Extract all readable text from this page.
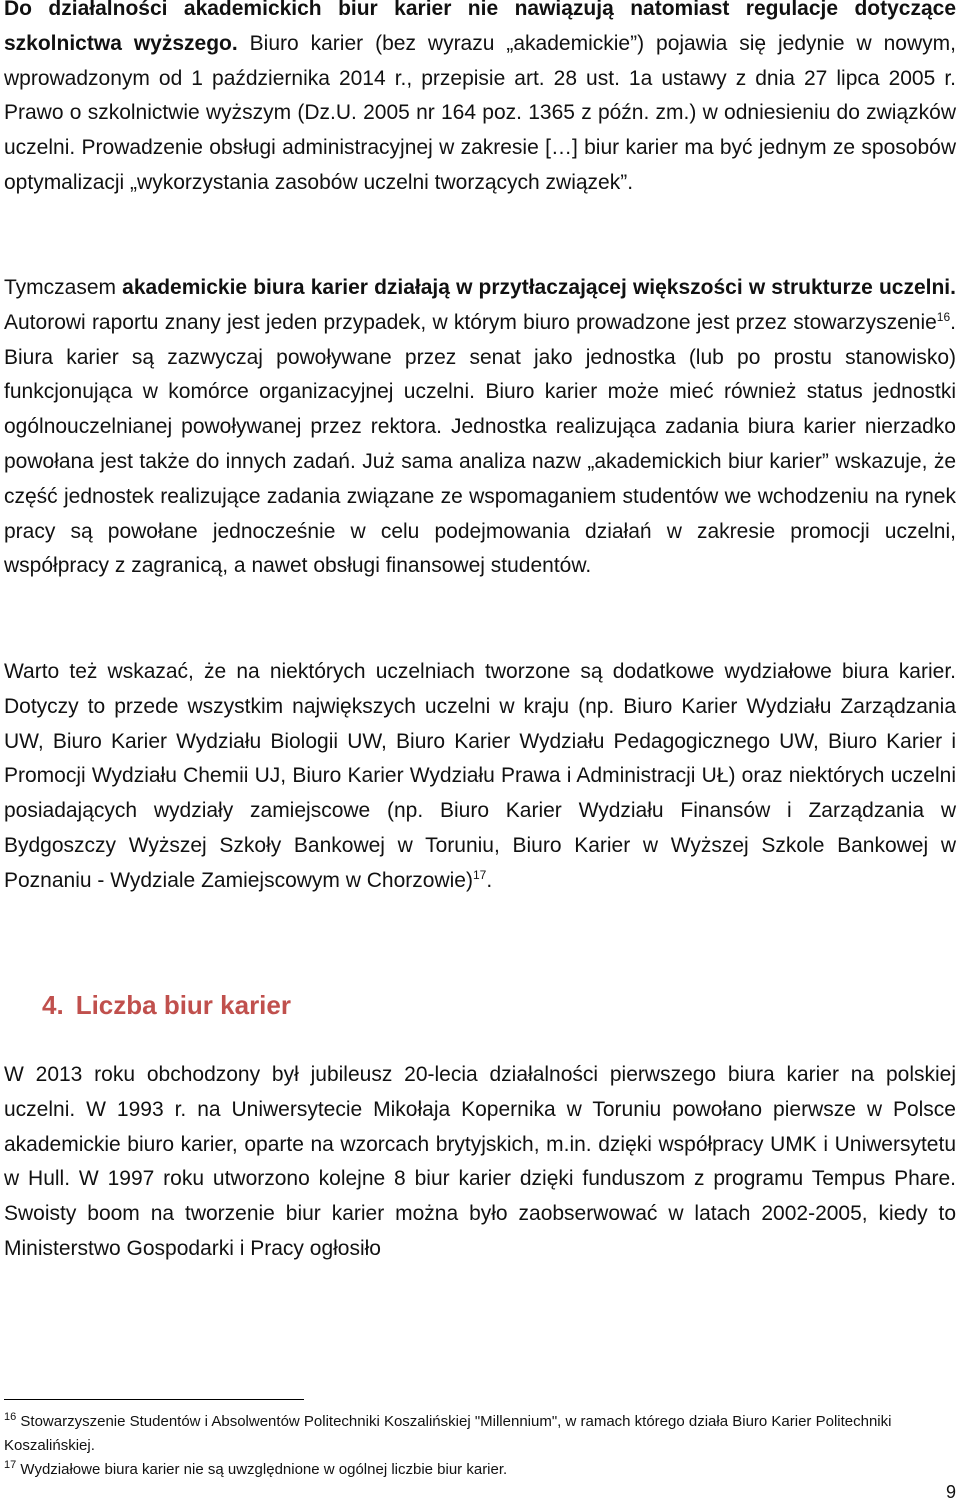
Do działalności akademickich biur karier nie nawiązują natomiast regulacje dotyczące szkolnictwa wyższego. Biuro karier (bez wyrazu „akademickie”) pojawia się jedynie w nowym, wprowadzonym od 1 października 2014 r., przepisie art. 28 ust. 1a ustawy z dnia 27 lipca 2005 r. Prawo o szkolnictwie wyższym (Dz.U. 2005 nr 164 poz. 1365 z późn. zm.) w odniesieniu do związków uczelni. Prowadzenie obsługi administracyjnej w zakresie […] biur karier ma być jednym ze sposobów optymalizacji „wykorzystania zasobów uczelni tworzących związek”.

Tymczasem akademickie biura karier działają w przytłaczającej większości w strukturze uczelni. Autorowi raportu znany jest jeden przypadek, w którym biuro prowadzone jest przez stowarzyszenie$^{16}$. Biura karier są zazwyczaj powoływane przez senat jako jednostka (lub po prostu stanowisko) funkcjonująca w komórce organizacyjnej uczelni. Biuro karier może mieć również status jednostki ogólnouczelnianej powoływanej przez rektora. Jednostka realizująca zadania biura karier nierzadko powołana jest także do innych zadań. Już sama analiza nazw „akademickich biur karier” wskazuje, że część jednostek realizujące zadania związane ze wspomaganiem studentów we wchodzeniu na rynek pracy są powołane jednocześnie w celu podejmowania działań w zakresie promocji uczelni, współpracy z zagranicą, a nawet obsługi finansowej studentów.

Warto też wskazać, że na niektórych uczelniach tworzone są dodatkowe wydziałowe biura karier. Dotyczy to przede wszystkim największych uczelni w kraju (np. Biuro Karier Wydziału Zarządzania UW, Biuro Karier Wydziału Biologii UW, Biuro Karier Wydziału Pedagogicznego UW, Biuro Karier i Promocji Wydziału Chemii UJ, Biuro Karier Wydziału Prawa i Administracji UŁ) oraz niektórych uczelni posiadających wydziały zamiejscowe (np. Biuro Karier Wydziału Finansów i Zarządzania w Bydgoszczy Wyższej Szkoły Bankowej w Toruniu, Biuro Karier w Wyższej Szkole Bankowej w Poznaniu - Wydziale Zamiejscowym w Chorzowie)$^{17}$.

4. Liczba biur karier

W 2013 roku obchodzony był jubileusz 20-lecia działalności pierwszego biura karier na polskiej uczelni. W 1993 r. na Uniwersytecie Mikołaja Kopernika w Toruniu powołano pierwsze w Polsce akademickie biuro karier, oparte na wzorcach brytyjskich, m.in. dzięki współpracy UMK i Uniwersytetu w Hull. W 1997 roku utworzono kolejne 8 biur karier dzięki funduszom z programu Tempus Phare. Swoisty boom na tworzenie biur karier można było zaobserwować w latach 2002-2005, kiedy to Ministerstwo Gospodarki i Pracy ogłosiło

$^{16}$ Stowarzyszenie Studentów i Absolwentów Politechniki Koszalińskiej "Millennium", w ramach którego działa Biuro Karier Politechniki Koszalińskiej.

$^{17}$ Wydziałowe biura karier nie są uwzględnione w ogólnej liczbie biur karier.

9
